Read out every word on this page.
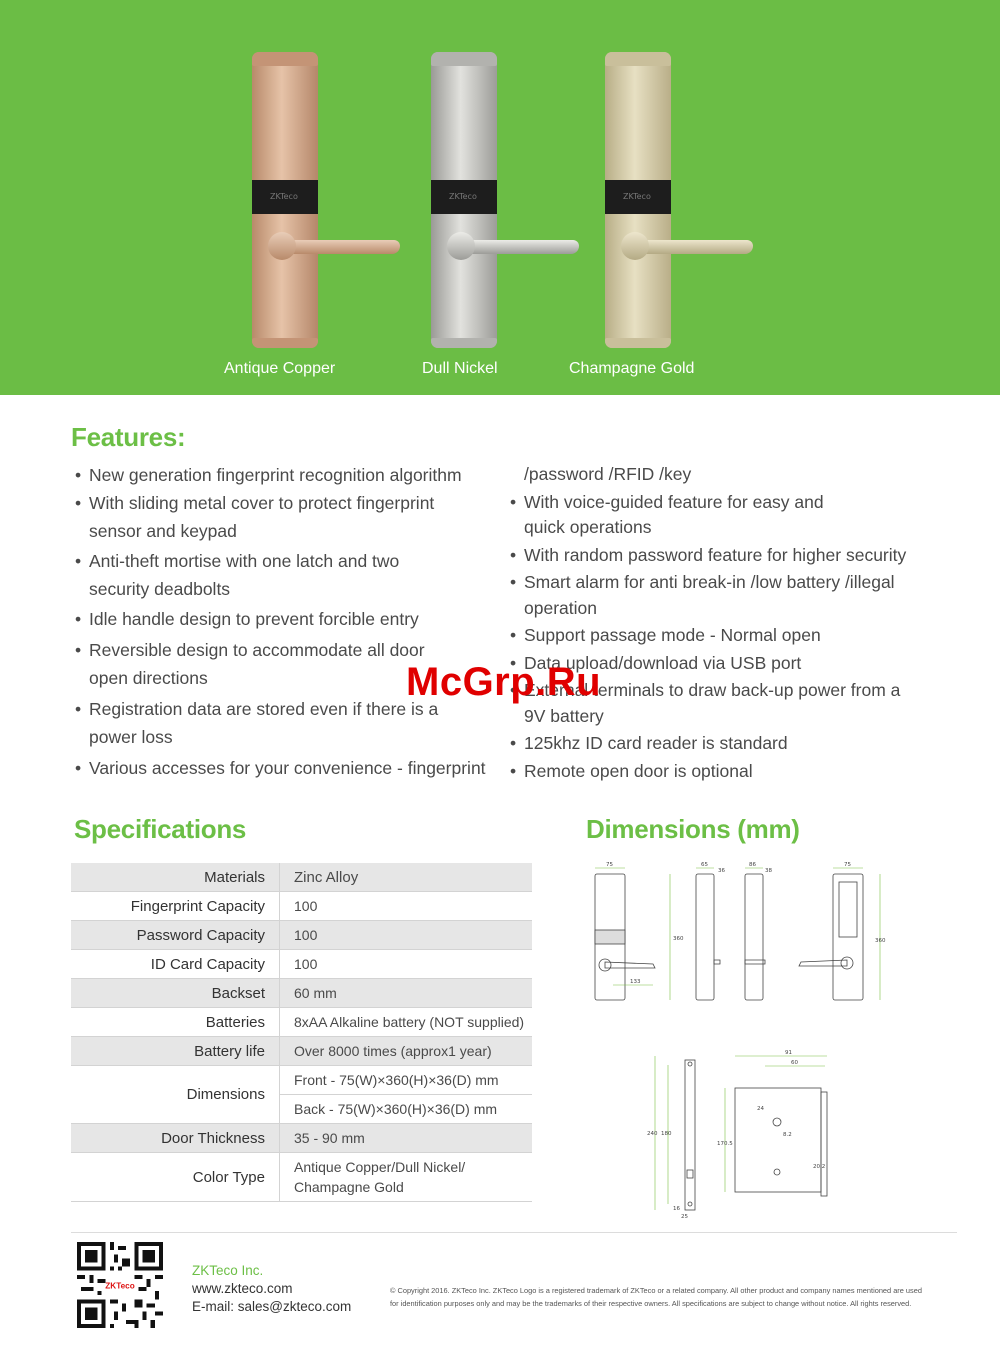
ZKTeco	ZKTeco	ZKTeco
Antique Copper	Dull Nickel	Champagne Gold
Features:
• New generation fingerprint recognition algorithm
• With sliding metal cover to protect fingerprint
sensor and keypad
• Anti-theft mortise with one latch and two
security deadbolts
• Idle handle design to prevent forcible entry
• Reversible design to accommodate all door
open directions
• Registration data are stored even if there is a
power loss
• Various accesses for your convenience - fingerprint
/password /RFID /key
• With voice-guided feature for easy and
quick operations
• With random password feature for higher security
• Smart alarm for anti break-in /low battery /illegal
operation
• Support passage mode - Normal open
• Data upload/download via USB port
• External terminals to draw back-up power from a
9V battery
• 125khz ID card reader is standard
• Remote open door is optional
McGrp.Ru
Specifications
Materials	Zinc Alloy
Fingerprint Capacity	100
Password Capacity	100
ID Card Capacity	100
Backset	60 mm
Batteries	8xAA Alkaline battery (NOT supplied)
Battery life	Over 8000 times (approx1 year)
Dimensions	Front - 75(W)×360(H)×36(D) mm
	Back - 75(W)×360(H)×36(D) mm
Door Thickness	35 - 90 mm
Color Type	Antique Copper/Dull Nickel/
Champagne Gold
Dimensions (mm)
75
360
133
65
36
86
38
75
360
240 180
91
60
24
8.2
170.5
20.2
16
25
ZKTeco
ZKTeco Inc.
www.zkteco.com
E-mail: sales@zkteco.com
© Copyright 2016. ZKTeco Inc. ZKTeco Logo is a registered trademark of ZKTeco or a related company. All other product and company names mentioned are used
for identification purposes only and may be the trademarks of their respective owners. All specifications are subject to change without notice. All rights reserved.
